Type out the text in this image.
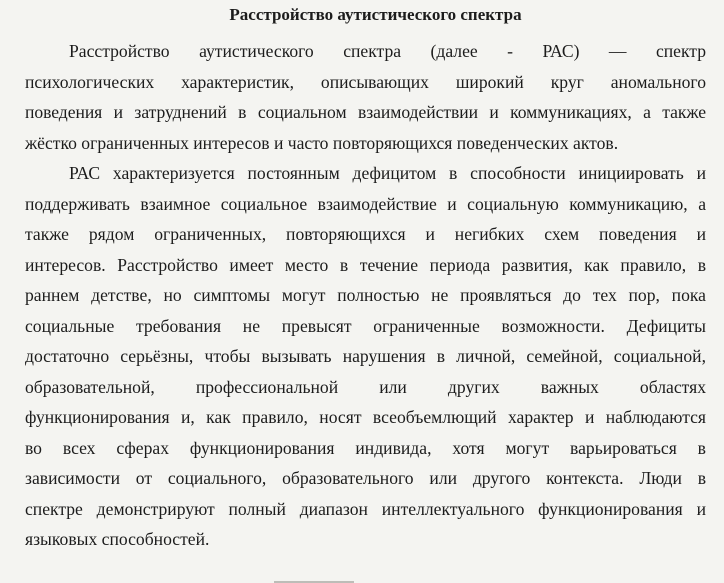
Расстройство аутистического спектра
Расстройство аутистического спектра (далее - РАС) — спектр
психологических характеристик, описывающих широкий круг аномального
поведения и затруднений в социальном взаимодействии и коммуникациях, а также
жёстко ограниченных интересов и часто повторяющихся поведенческих актов.
РАС характеризуется постоянным дефицитом в способности инициировать и
поддерживать взаимное социальное взаимодействие и социальную коммуникацию, а
также рядом ограниченных, повторяющихся и негибких схем поведения и
интересов. Расстройство имеет место в течение периода развития, как правило, в
раннем детстве, но симптомы могут полностью не проявляться до тех пор, пока
социальные требования не превысят ограниченные возможности. Дефициты
достаточно серьёзны, чтобы вызывать нарушения в личной, семейной, социальной,
образовательной, профессиональной или других важных областях
функционирования и, как правило, носят всеобъемлющий характер и наблюдаются
во всех сферах функционирования индивида, хотя могут варьироваться в
зависимости от социального, образовательного или другого контекста. Люди в
спектре демонстрируют полный диапазон интеллектуального функционирования и
языковых способностей.
